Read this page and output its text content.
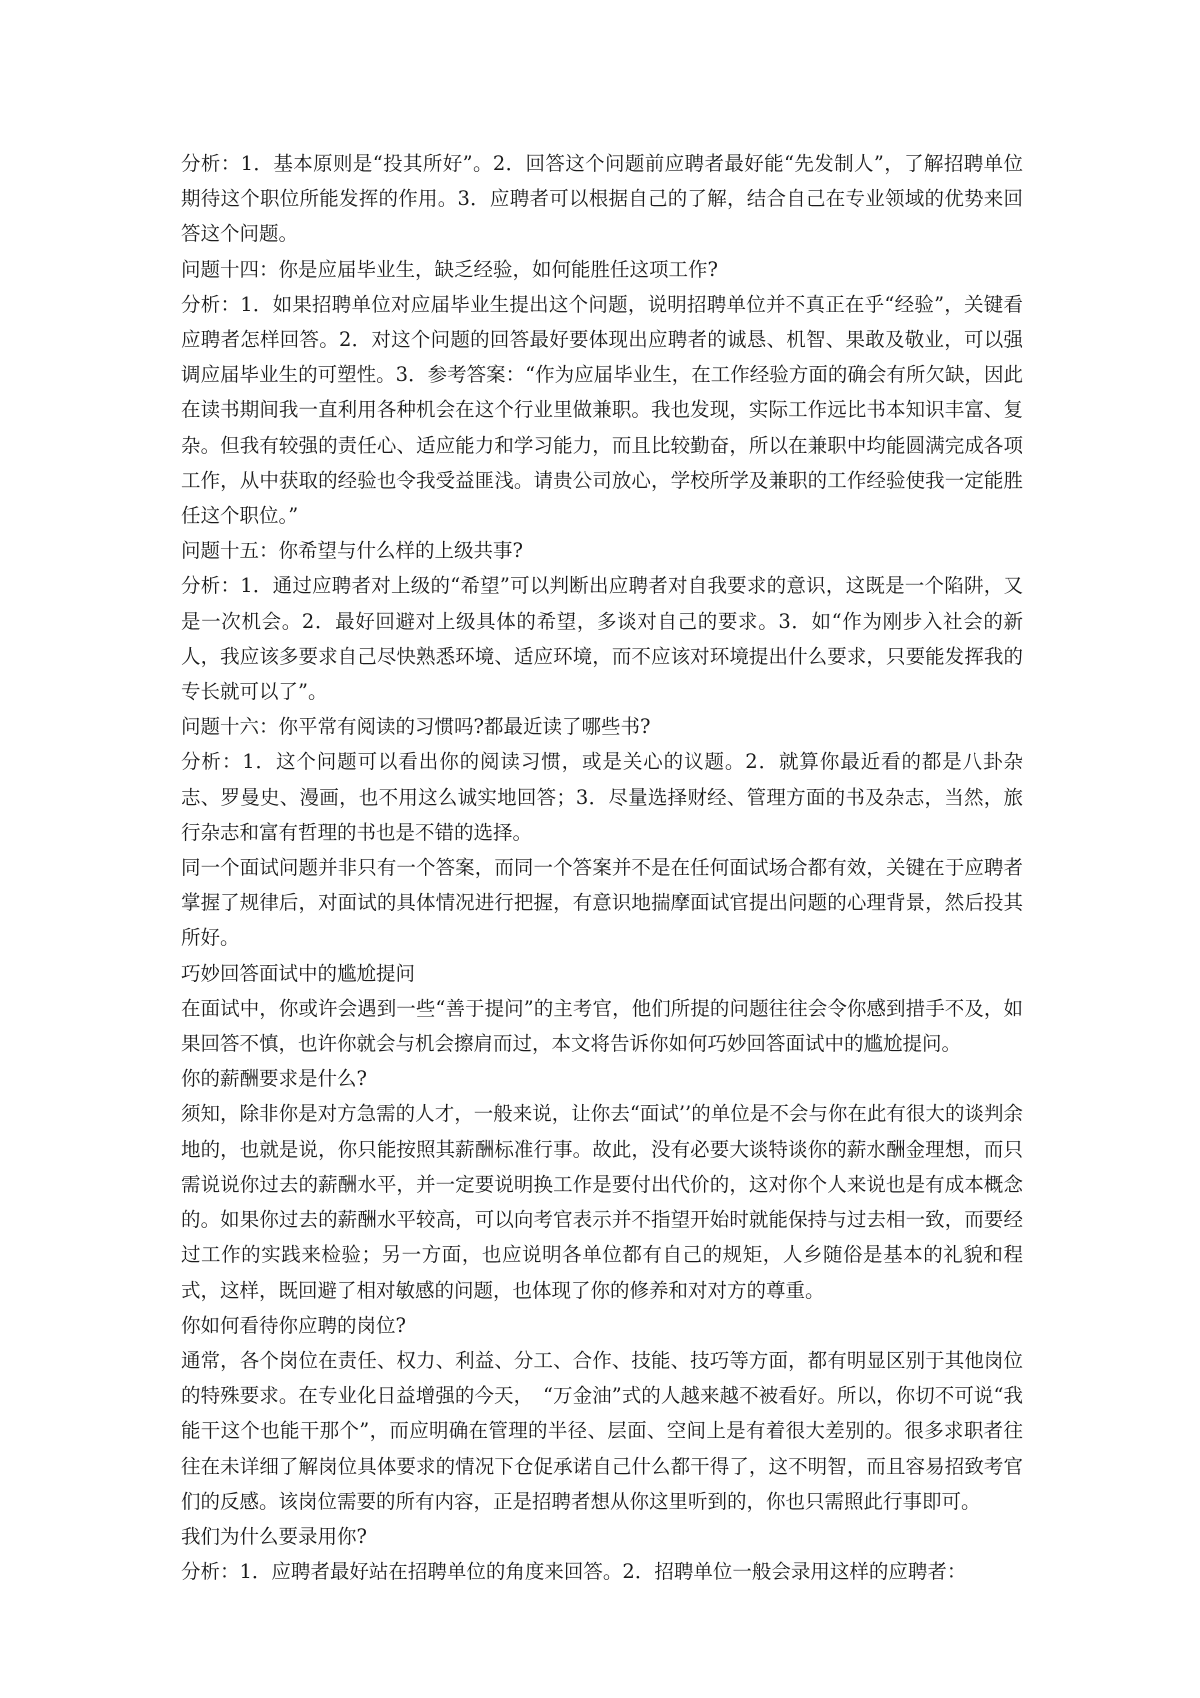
分析：1．基本原则是“投其所好”。2．回答这个问题前应聘者最好能“先发制人”，了解招聘单位期待这个职位所能发挥的作用。3．应聘者可以根据自己的了解，结合自己在专业领域的优势来回答这个问题。

问题十四：你是应届毕业生，缺乏经验，如何能胜任这项工作?

分析：1．如果招聘单位对应届毕业生提出这个问题，说明招聘单位并不真正在乎“经验”，关键看应聘者怎样回答。2．对这个问题的回答最好要体现出应聘者的诚恳、机智、果敢及敬业，可以强调应届毕业生的可塑性。3．参考答案：“作为应届毕业生，在工作经验方面的确会有所欠缺，因此在读书期间我一直利用各种机会在这个行业里做兼职。我也发现，实际工作远比书本知识丰富、复杂。但我有较强的责任心、适应能力和学习能力，而且比较勤奋，所以在兼职中均能圆满完成各项工作，从中获取的经验也令我受益匪浅。请贵公司放心，学校所学及兼职的工作经验使我一定能胜任这个职位。”

问题十五：你希望与什么样的上级共事?

分析：1．通过应聘者对上级的“希望”可以判断出应聘者对自我要求的意识，这既是一个陷阱，又是一次机会。2．最好回避对上级具体的希望，多谈对自己的要求。3．如“作为刚步入社会的新人，我应该多要求自己尽快熟悉环境、适应环境，而不应该对环境提出什么要求，只要能发挥我的专长就可以了”。

问题十六：你平常有阅读的习惯吗?都最近读了哪些书?

分析：1．这个问题可以看出你的阅读习惯，或是关心的议题。2．就算你最近看的都是八卦杂志、罗曼史、漫画，也不用这么诚实地回答；3．尽量选择财经、管理方面的书及杂志，当然，旅行杂志和富有哲理的书也是不错的选择。

同一个面试问题并非只有一个答案，而同一个答案并不是在任何面试场合都有效，关键在于应聘者掌握了规律后，对面试的具体情况进行把握，有意识地揣摩面试官提出问题的心理背景，然后投其所好。

巧妙回答面试中的尴尬提问

在面试中，你或许会遇到一些“善于提问”的主考官，他们所提的问题往往会令你感到措手不及，如果回答不慎，也许你就会与机会擦肩而过，本文将告诉你如何巧妙回答面试中的尴尬提问。

你的薪酬要求是什么?

须知，除非你是对方急需的人才，一般来说，让你去“面试’’的单位是不会与你在此有很大的谈判余地的，也就是说，你只能按照其薪酬标准行事。故此，没有必要大谈特谈你的薪水酬金理想，而只需说说你过去的薪酬水平，并一定要说明换工作是要付出代价的，这对你个人来说也是有成本概念的。如果你过去的薪酬水平较高，可以向考官表示并不指望开始时就能保持与过去相一致，而要经过工作的实践来检验；另一方面，也应说明各单位都有自己的规矩，人乡随俗是基本的礼貌和程式，这样，既回避了相对敏感的问题，也体现了你的修养和对对方的尊重。

你如何看待你应聘的岗位?

通常，各个岗位在责任、权力、利益、分工、合作、技能、技巧等方面，都有明显区别于其他岗位的特殊要求。在专业化日益增强的今天，　“万金油”式的人越来越不被看好。所以，你切不可说“我能干这个也能干那个”，而应明确在管理的半径、层面、空间上是有着很大差别的。很多求职者往往在未详细了解岗位具体要求的情况下仓促承诺自己什么都干得了，这不明智，而且容易招致考官们的反感。该岗位需要的所有内容，正是招聘者想从你这里听到的，你也只需照此行事即可。

我们为什么要录用你?

分析：1．应聘者最好站在招聘单位的角度来回答。2．招聘单位一般会录用这样的应聘者：
